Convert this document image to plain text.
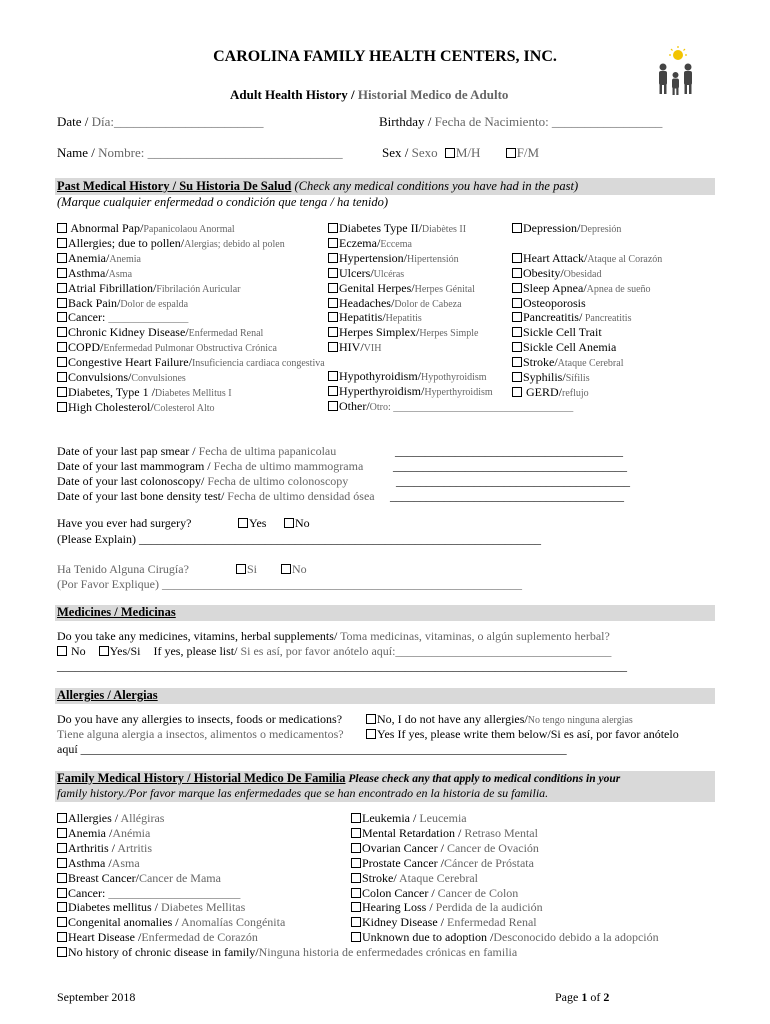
CAROLINA FAMILY HEALTH CENTERS, INC.
Adult Health History / Historial Medico de Adulto
Date / Día:_______________________	Birthday / Fecha de Nacimiento: _________________
Name / Nombre: ______________________________	Sex / Sexo M/H	F/M
Past Medical History / Su Historia De Salud (Check any medical conditions you have had in the past)
(Marque cualquier enfermedad o condición que tenga / ha tenido)
Abnormal Pap/Papanicolaou Anormal
Allergies; due to pollen/Alergias; debido al polen
Anemia/Anemia
Asthma/Asma
Atrial Fibrillation/Fibrilación Auricular
Back Pain/Dolor de espalda
Cancer: ________________
Chronic Kidney Disease/Enfermedad Renal
COPD/Enfermedad Pulmonar Obstructiva Crónica
Congestive Heart Failure/Insuficiencia cardiaca congestiva
Convulsions/Convulsiones
Diabetes, Type 1 /Diabetes Mellitus I
High Cholesterol/Colesterol Alto
Diabetes Type II/Diabètes II
Eczema/Eccema
Hypertension/Hipertensión
Ulcers/Ulcéras
Genital Herpes/Herpes Génital
Headaches/Dolor de Cabeza
Hepatitis/Hepatitis
Herpes Simplex/Herpes Simple
HIV/VIH
Hypothyroidism/Hypothyroidism
Hyperthyroidism/Hyperthyroidism
Other/Otro: ____________________________________
Depression/Depresión
Heart Attack/Ataque al Corazón
Obesity/Obesidad
Sleep Apnea/Apnea de sueño
Osteoporosis
Pancreatitis/ Pancreatitis
Sickle Cell Trait
Sickle Cell Anemia
Stroke/Ataque Cerebral
Syphilis/Sífilis
GERD/reflujo
Date of your last pap smear / Fecha de ultima papanicolau	______________________________________
Date of your last mammogram / Fecha de ultimo mammograma _______________________________________
Date of your last colonoscopy/ Fecha de ultimo colonoscopy	_______________________________________
Date of your last bone density test/ Fecha de ultimo densidad ósea _______________________________________
Have you ever had surgery?	Yes	No
(Please Explain) ___________________________________________________________________
Ha Tenido Alguna Cirugía?	Si	No
(Por Favor Explique) ____________________________________________________________
Medicines / Medicinas
Do you take any medicines, vitamins, herbal supplements/ Toma medicinas, vitaminas, o algún suplemento herbal?
No Yes/Si If yes, please list/ Si es así, por favor anótelo aquí:____________________________________
_______________________________________________________________________________________________
Allergies / Alergias
Do you have any allergies to insects, foods or medications?	No, I do not have any allergies/No tengo ninguna alergias
Tiene alguna alergia a insectos, alimentos o medicamentos?	Yes If yes, please write them below/Si es así, por favor anótelo
aquí _________________________________________________________________________________
Family Medical History / Historial Medico De Familia Please check any that apply to medical conditions in your
family history./Por favor marque las enfermedades que se han encontrado en la historia de su familia.
Allergies / Allégiras
Anemia /Anémia
Arthritis / Artritis
Asthma /Asma
Breast Cancer/Cancer de Mama
Cancer: ______________________
Diabetes mellitus / Diabetes Mellitas
Congenital anomalies / Anomalías Congénita
Heart Disease /Enfermedad de Corazón
Leukemia / Leucemia
Mental Retardation / Retraso Mental
Ovarian Cancer / Cancer de Ovación
Prostate Cancer /Cáncer de Próstata
Stroke/ Ataque Cerebral
Colon Cancer / Cancer de Colon
Hearing Loss / Perdida de la audición
Kidney Disease / Enfermedad Renal
Unknown due to adoption /Desconocido debido a la adopción
No history of chronic disease in family/Ninguna historia de enfermedades crónicas en familia
September 2018	Page 1 of 2
